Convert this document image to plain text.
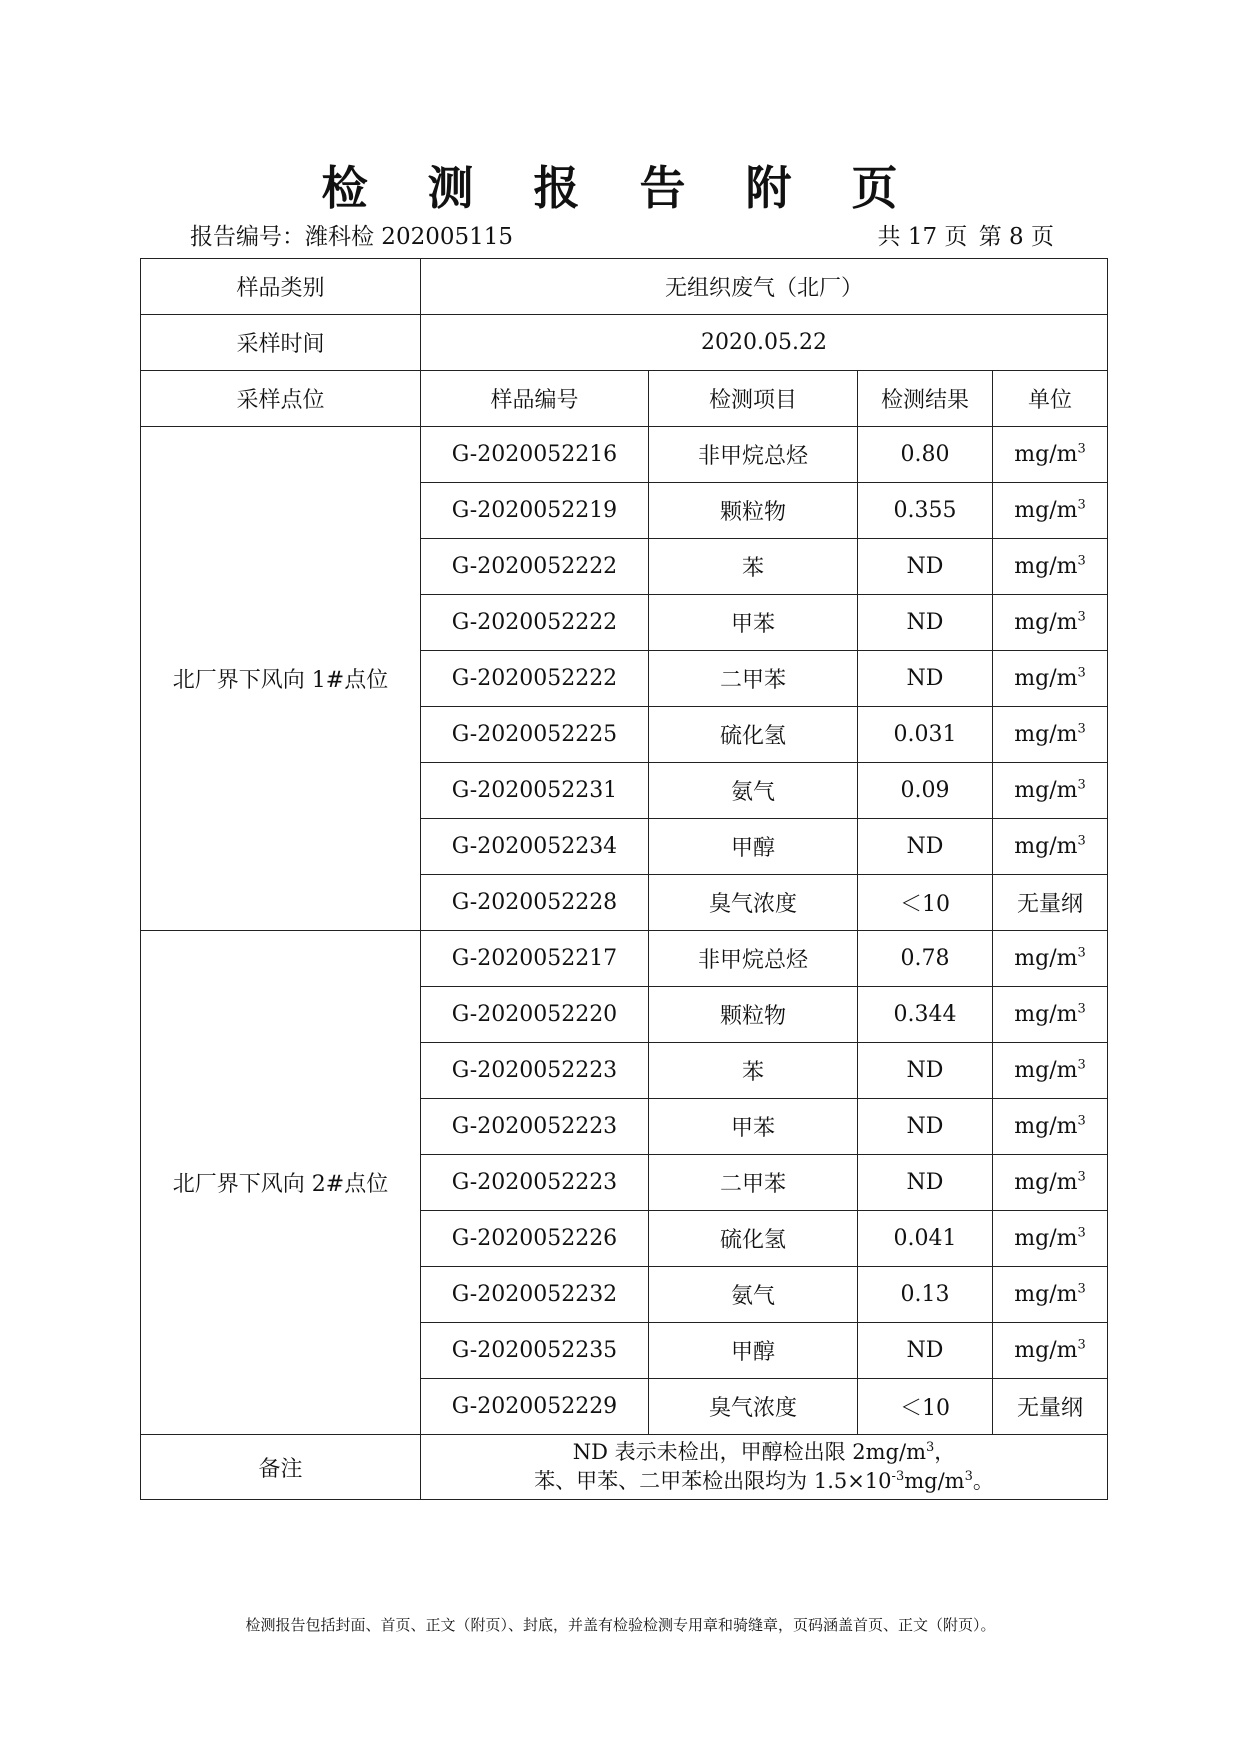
检 测 报 告 附 页
报告编号：潍科检 202005115	共 17 页 第 8 页
样品类别	无组织废气（北厂）			
采样时间	2020.05.22			
采样点位	样品编号	检测项目	检测结果	单位
北厂界下风向 1#点位	G-2020052216	非甲烷总烃	0.80	$mg/m^3$
	G-2020052219	颗粒物	0.355	$mg/m^3$
	G-2020052222	苯	ND	$mg/m^3$
	G-2020052222	甲苯	ND	$mg/m^3$
	G-2020052222	二甲苯	ND	$mg/m^3$
	G-2020052225	硫化氢	0.031	$mg/m^3$
	G-2020052231	氨气	0.09	$mg/m^3$
	G-2020052234	甲醇	ND	$mg/m^3$
	G-2020052228	臭气浓度	＜10	无量纲
北厂界下风向 2#点位	G-2020052217	非甲烷总烃	0.78	$mg/m^3$
	G-2020052220	颗粒物	0.344	$mg/m^3$
	G-2020052223	苯	ND	$mg/m^3$
	G-2020052223	甲苯	ND	$mg/m^3$
	G-2020052223	二甲苯	ND	$mg/m^3$
	G-2020052226	硫化氢	0.041	$mg/m^3$
	G-2020052232	氨气	0.13	$mg/m^3$
	G-2020052235	甲醇	ND	$mg/m^3$
	G-2020052229	臭气浓度	＜10	无量纲
备注	ND 表示未检出，甲醇检出限 $2mg/m^3$，
苯、甲苯、二甲苯检出限均为 $1.5\times 10^{-3}mg/m^3$。			
检测报告包括封面、首页、正文（附页）、封底，并盖有检验检测专用章和骑缝章，页码涵盖首页、正文（附页）。
